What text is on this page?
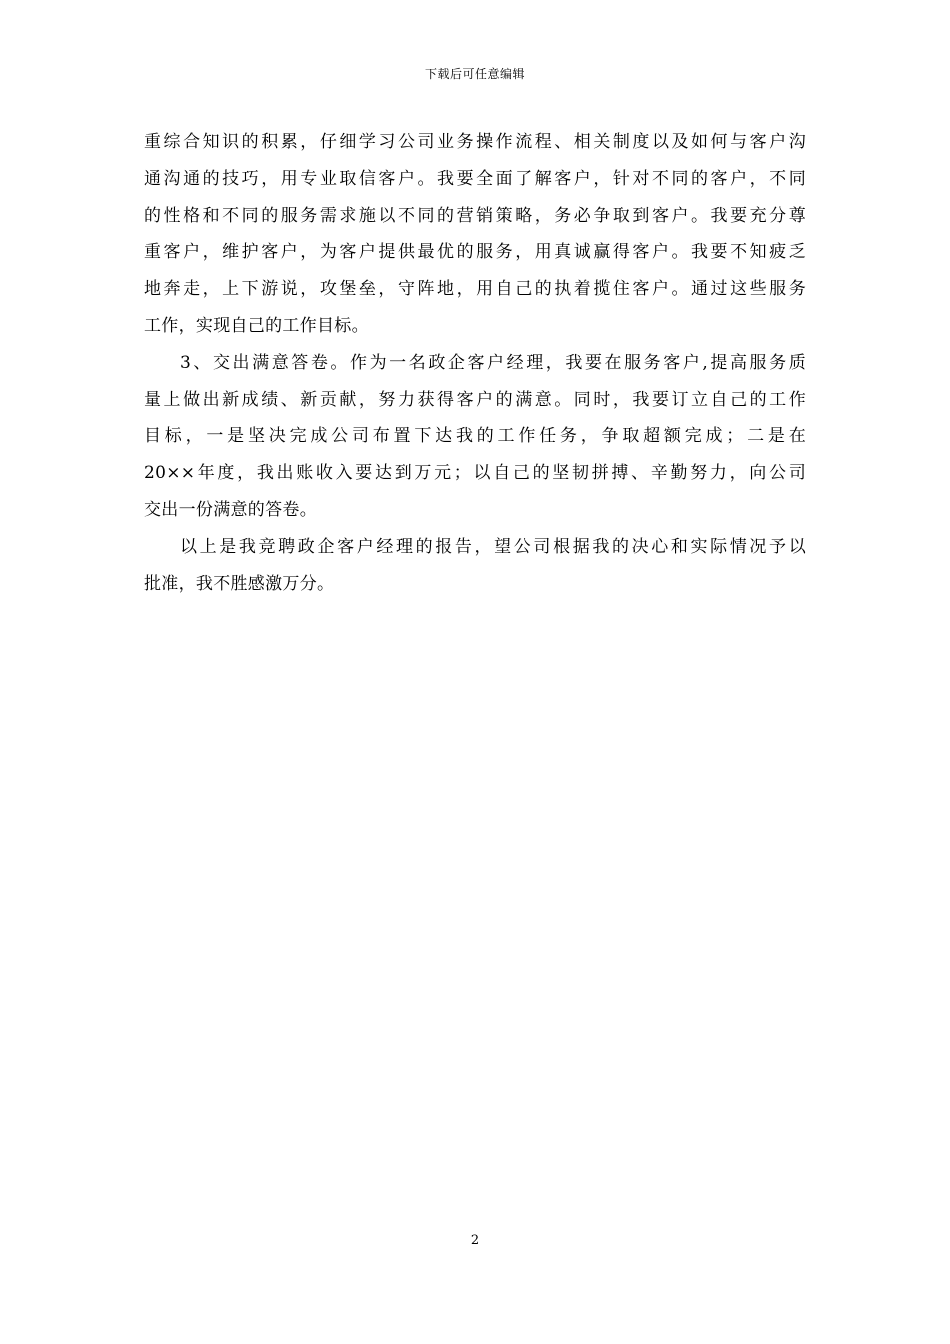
下载后可任意编辑
重综合知识的积累，仔细学习公司业务操作流程、相关制度以及如何与客户沟
通沟通的技巧，用专业取信客户。我要全面了解客户，针对不同的客户，不同
的性格和不同的服务需求施以不同的营销策略，务必争取到客户。我要充分尊
重客户，维护客户，为客户提供最优的服务，用真诚赢得客户。我要不知疲乏
地奔走，上下游说，攻堡垒，守阵地，用自己的执着揽住客户。通过这些服务
工作，实现自己的工作目标。
3、交出满意答卷。作为一名政企客户经理，我要在服务客户,提高服务质
量上做出新成绩、新贡献，努力获得客户的满意。同时，我要订立自己的工作
目标，一是坚决完成公司布置下达我的工作任务，争取超额完成；二是在
20××年度，我出账收入要达到万元；以自己的坚韧拼搏、辛勤努力，向公司
交出一份满意的答卷。
以上是我竞聘政企客户经理的报告，望公司根据我的决心和实际情况予以
批准，我不胜感激万分。
2
